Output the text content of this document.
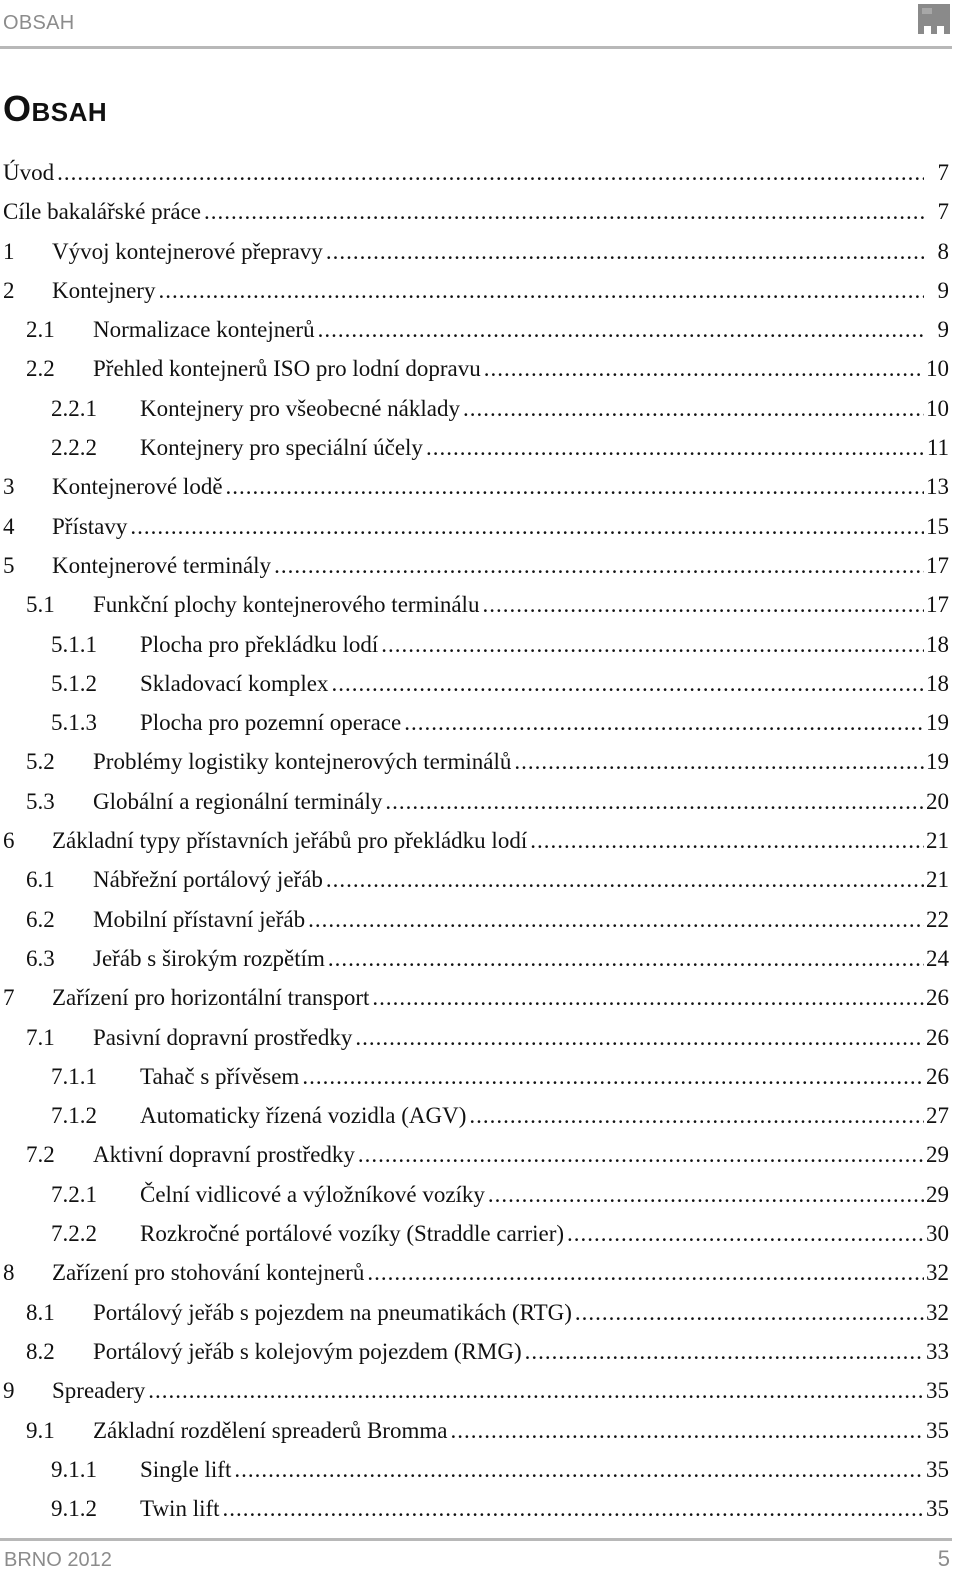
OBSAH
OBSAH
Úvod .....	7
Cíle bakalářské práce .....	7
1 Vývoj kontejnerové přepravy .....	8
2 Kontejnery .....	9
2.1 Normalizace kontejnerů .....	9
2.2 Přehled kontejnerů ISO pro lodní dopravu .....	10
2.2.1 Kontejnery pro všeobecné náklady .....	10
2.2.2 Kontejnery pro speciální účely .....	11
3 Kontejnerové lodě .....	13
4 Přístavy .....	15
5 Kontejnerové terminály .....	17
5.1 Funkční plochy kontejnerového terminálu .....	17
5.1.1 Plocha pro překládku lodí .....	18
5.1.2 Skladovací komplex .....	18
5.1.3 Plocha pro pozemní operace .....	19
5.2 Problémy logistiky kontejnerových terminálů .....	19
5.3 Globální a regionální terminály .....	20
6 Základní typy přístavních jeřábů pro překládku lodí .....	21
6.1 Nábřežní portálový jeřáb .....	21
6.2 Mobilní přístavní jeřáb .....	22
6.3 Jeřáb s širokým rozpětím .....	24
7 Zařízení pro horizontální transport .....	26
7.1 Pasivní dopravní prostředky .....	26
7.1.1 Tahač s přívěsem .....	26
7.1.2 Automaticky řízená vozidla (AGV) .....	27
7.2 Aktivní dopravní prostředky .....	29
7.2.1 Čelní vidlicové a výložníkové vozíky .....	29
7.2.2 Rozkročné portálové vozíky (Straddle carrier) .....	30
8 Zařízení pro stohování kontejnerů .....	32
8.1 Portálový jeřáb s pojezdem na pneumatikách (RTG) .....	32
8.2 Portálový jeřáb s kolejovým pojezdem (RMG) .....	33
9 Spreadery .....	35
9.1 Základní rozdělení spreaderů Bromma .....	35
9.1.1 Single lift .....	35
9.1.2 Twin lift .....	35
BRNO 2012	5
